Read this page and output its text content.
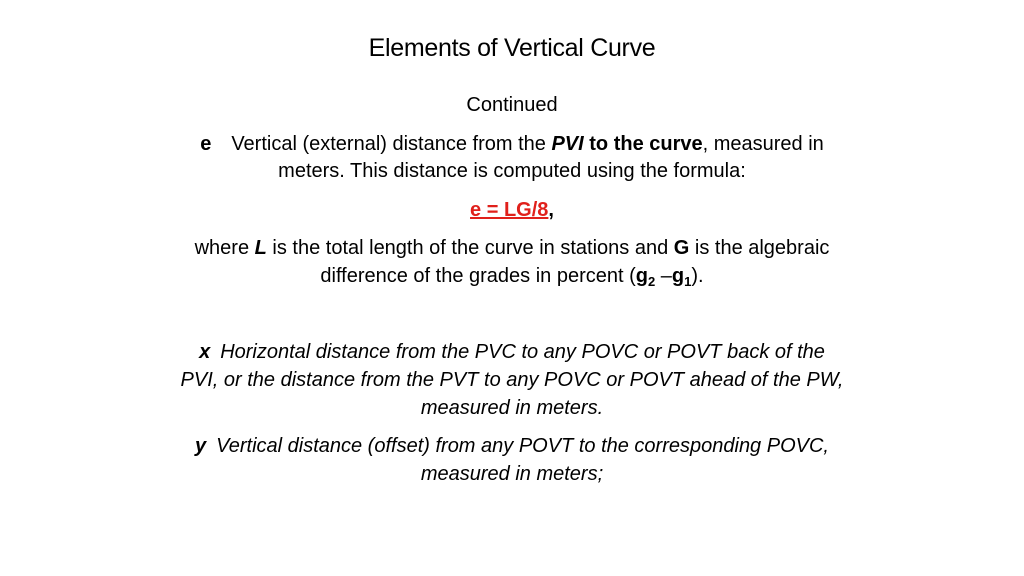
Elements of Vertical Curve
Continued
e Vertical (external) distance from the PVI to the curve, measured in
meters. This distance is computed using the formula:
e = LG/8,
where L is the total length of the curve in stations and G is the algebraic
difference of the grades in percent ($g_2$ $-g_1$).
x Horizontal distance from the PVC to any POVC or POVT back of the
PVI, or the distance from the PVT to any POVC or POVT ahead of the PW,
measured in meters.
y Vertical distance (offset) from any POVT to the corresponding POVC,
measured in meters;
